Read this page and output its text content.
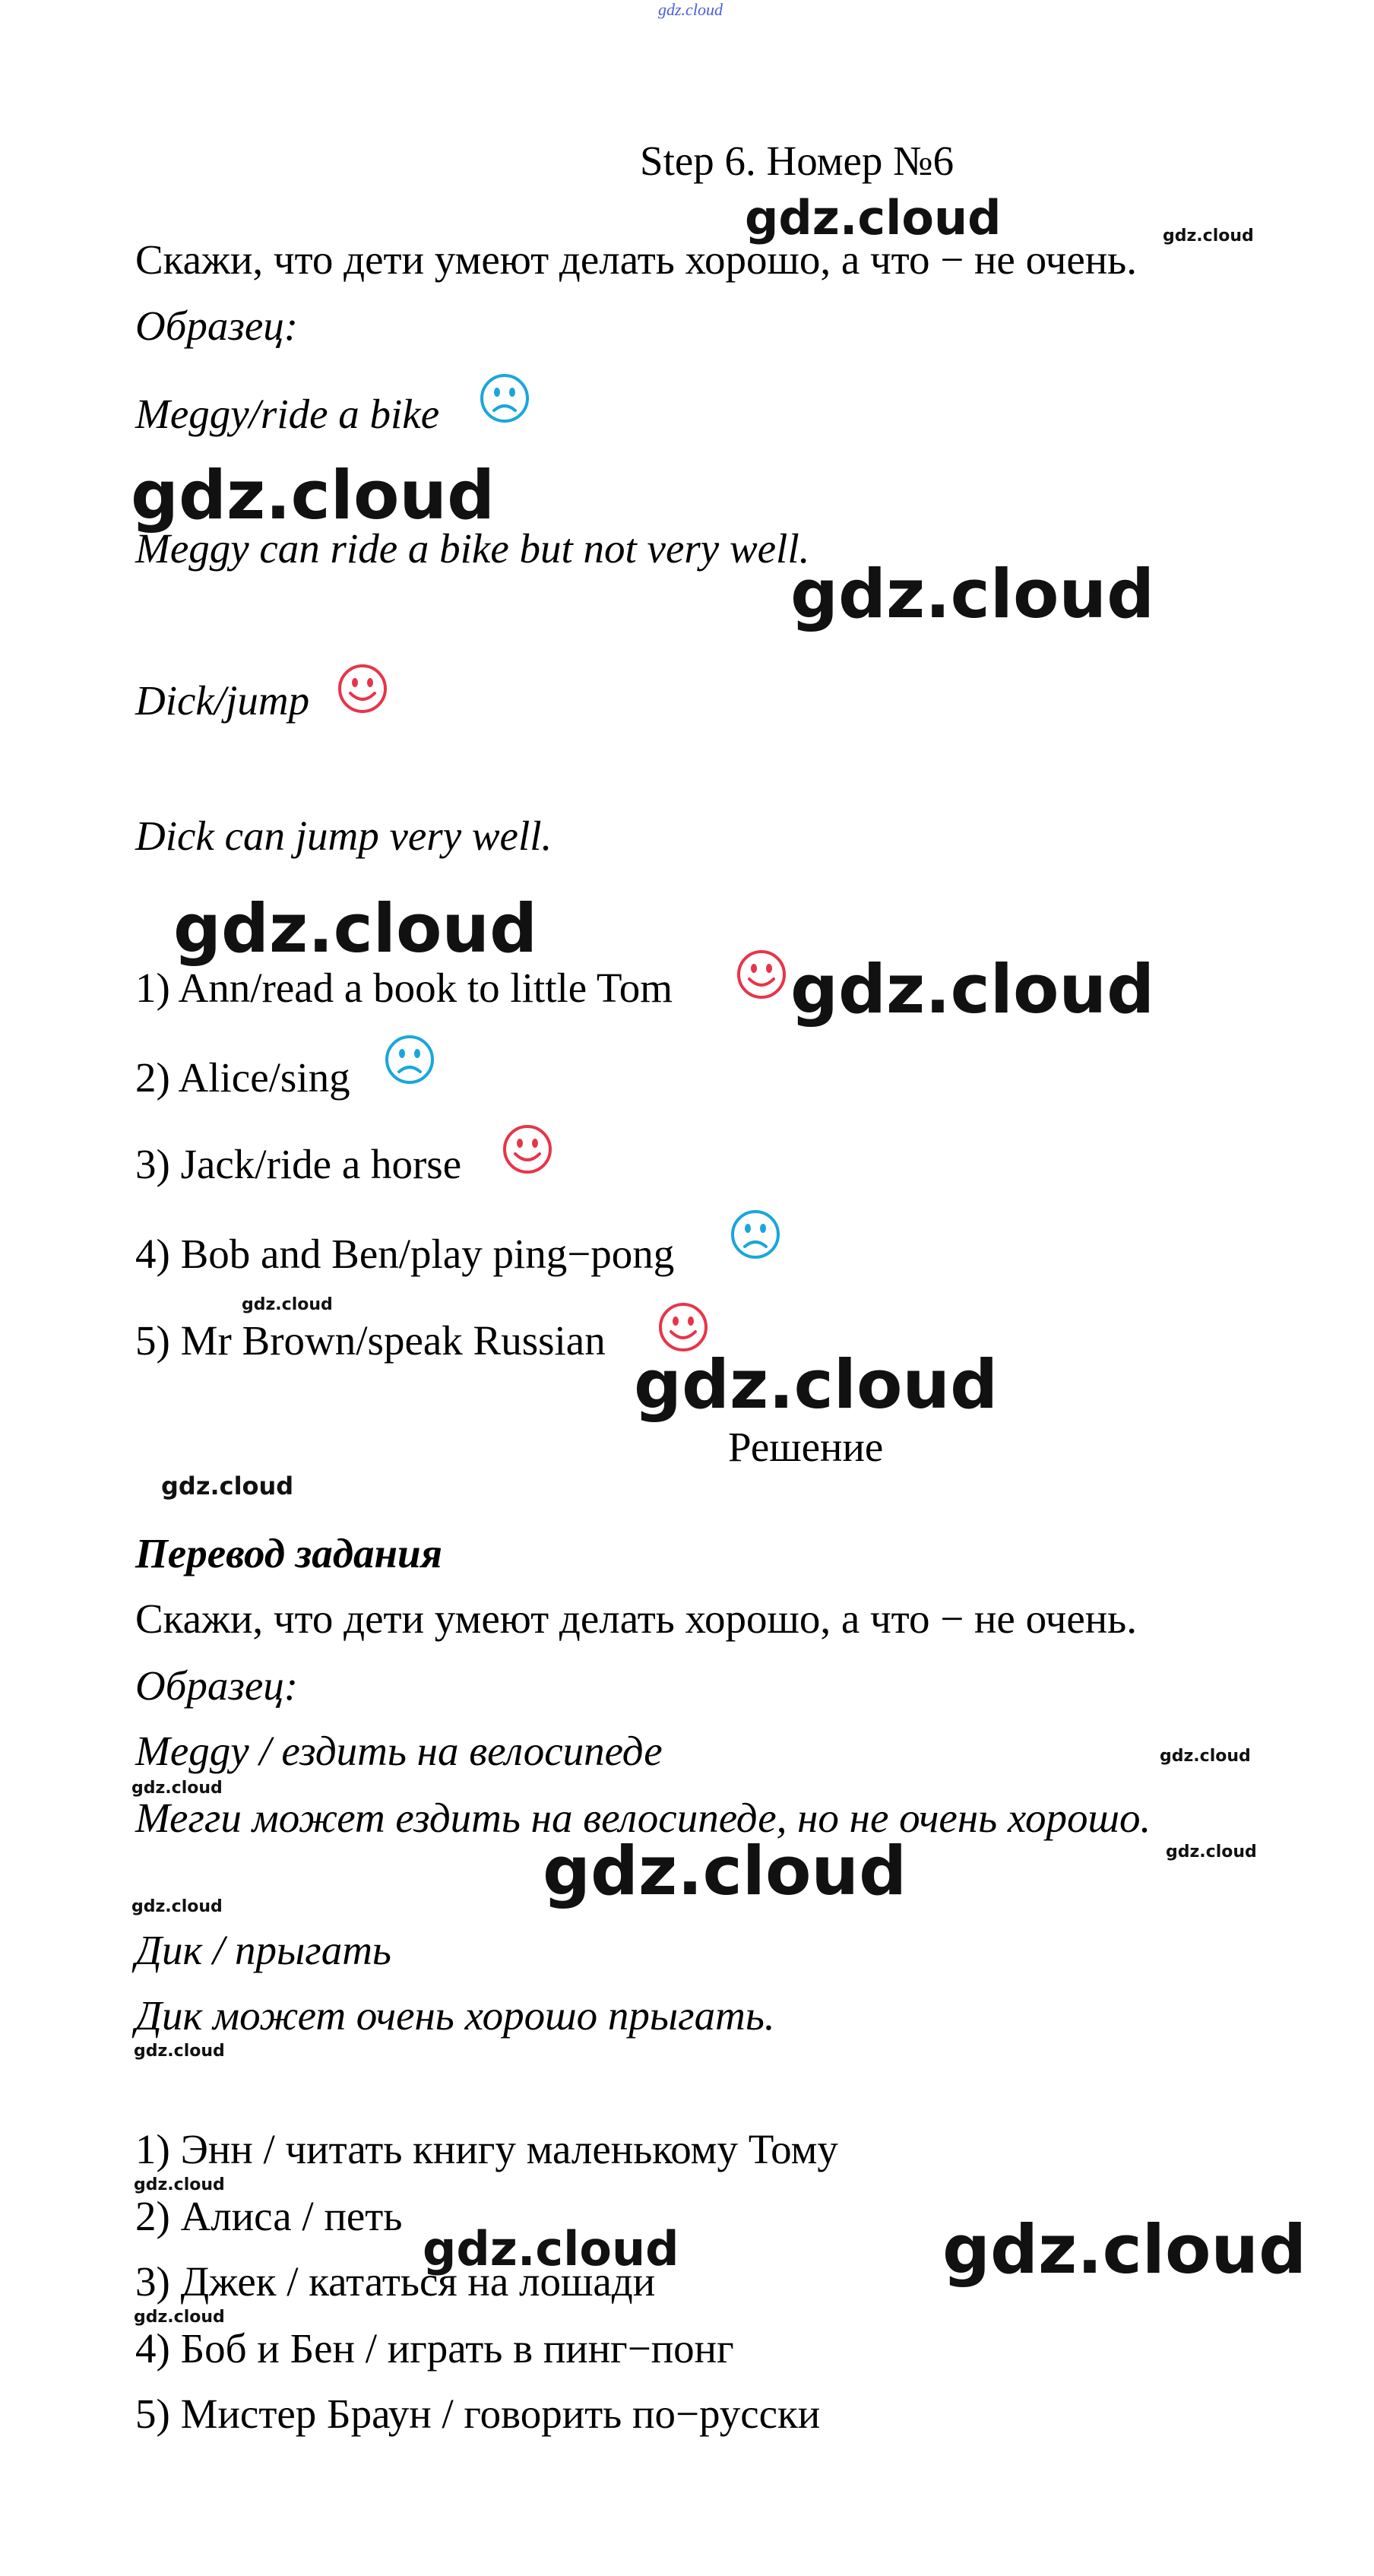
gdz.cloud
Step 6. Номер №6
Скажи, что дети умеют делать хорошо, а что − не очень.
Образец:
Meggy/ride a bike
Meggy can ride a bike but not very well.
Dick/jump
Dick can jump very well.
1) Ann/read a book to little Tom
2) Alice/sing
3) Jack/ride a horse
4) Bob and Ben/play ping−pong
5) Mr Brown/speak Russian
Решение
Перевод задания
Скажи, что дети умеют делать хорошо, а что − не очень.
Образец:
Meggy / ездить на велосипеде
Мегги может ездить на велосипеде, но не очень хорошо.
Дик / прыгать
Дик может очень хорошо прыгать.
1) Энн / читать книгу маленькому Тому
2) Алиса / петь
3) Джек / кататься на лошади
4) Боб и Бен / играть в пинг−понг
5) Мистер Браун / говорить по−русски
gdz.cloud	gdz.cloud
gdz.cloud
gdz.cloud
gdz.cloud
gdz.cloud
gdz.cloud
gdz.cloud
gdz.cloud
gdz.cloud
gdz.cloud
gdz.cloud
gdz.cloud
gdz.cloud
gdz.cloud
gdz.cloud
gdz.cloud	gdz.cloud
gdz.cloud
